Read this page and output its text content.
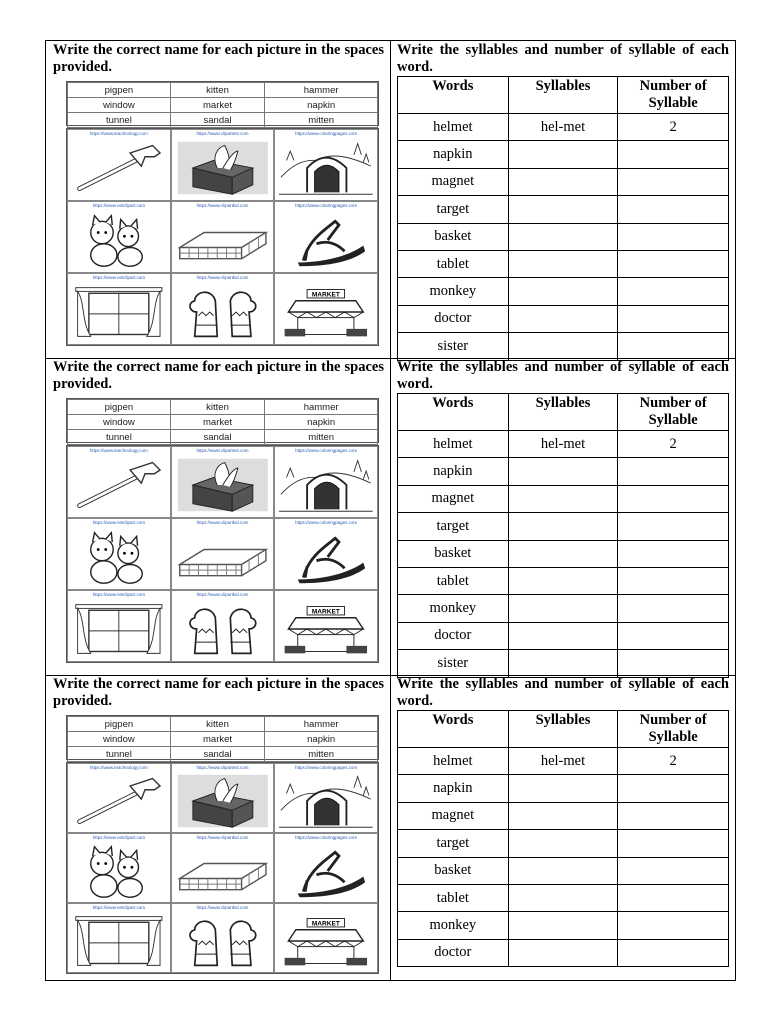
Write the correct name for each picture in the spaces provided.
pigpen	kitten	hammer
window	market	napkin
tunnel	sandal	mitten
https://www.teachnology.com	https://www.clipartest.com	https://www.coloringpages.com
https://www.netclipart.com	https://www.clipartkid.com	https://www.coloringpages.com
https://www.netclipart.com	https://www.clipartkid.com
MARKET
Write the syllables and number of syllable of each word.
Words	Syllables	Number of Syllable
helmet	hel-met	2
napkin		
magnet		
target		
basket		
tablet		
monkey		
doctor		
sister		
Write the correct name for each picture in the spaces provided.
pigpen	kitten	hammer
window	market	napkin
tunnel	sandal	mitten
https://www.teachnology.com	https://www.clipartest.com	https://www.coloringpages.com
https://www.netclipart.com	https://www.clipartkid.com	https://www.coloringpages.com
https://www.netclipart.com	https://www.clipartkid.com
MARKET
Write the syllables and number of syllable of each word.
Words	Syllables	Number of Syllable
helmet	hel-met	2
napkin		
magnet		
target		
basket		
tablet		
monkey		
doctor		
sister		
Write the correct name for each picture in the spaces provided.
pigpen	kitten	hammer
window	market	napkin
tunnel	sandal	mitten
https://www.teachnology.com	https://www.clipartest.com	https://www.coloringpages.com
https://www.netclipart.com	https://www.clipartkid.com	https://www.coloringpages.com
https://www.netclipart.com	https://www.clipartkid.com
MARKET
Write the syllables and number of syllable of each word.
Words	Syllables	Number of Syllable
helmet	hel-met	2
napkin		
magnet		
target		
basket		
tablet		
monkey		
doctor		
